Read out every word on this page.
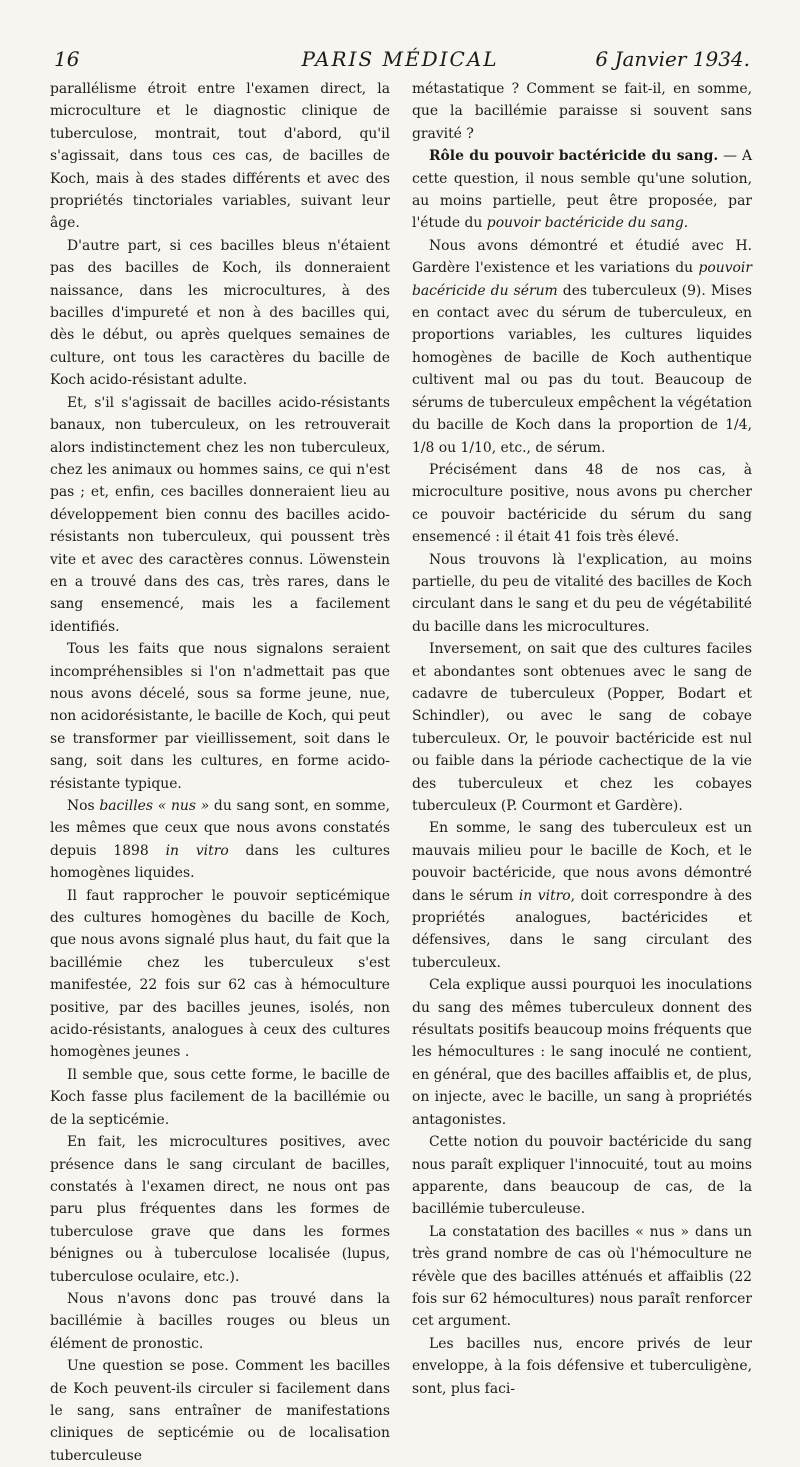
PARIS MÉDICAL
16	6 Janvier 1934.

parallélisme étroit entre l'examen direct, la microculture et le diagnostic clinique de tuberculose, montrait, tout d'abord, qu'il s'agissait, dans tous ces cas, de bacilles de Koch, mais à des stades différents et avec des propriétés tinctoriales variables, suivant leur âge.

D'autre part, si ces bacilles bleus n'étaient pas des bacilles de Koch, ils donneraient naissance, dans les microcultures, à des bacilles d'impureté et non à des bacilles qui, dès le début, ou après quelques semaines de culture, ont tous les caractères du bacille de Koch acido-résistant adulte.

Et, s'il s'agissait de bacilles acido-résistants banaux, non tuberculeux, on les retrouverait alors indistinctement chez les non tuberculeux, chez les animaux ou hommes sains, ce qui n'est pas ; et, enfin, ces bacilles donneraient lieu au développement bien connu des bacilles acido-résistants non tuberculeux, qui poussent très vite et avec des caractères connus. Löwenstein en a trouvé dans des cas, très rares, dans le sang ensemencé, mais les a facilement identifiés.

Tous les faits que nous signalons seraient incompréhensibles si l'on n'admettait pas que nous avons décelé, sous sa forme jeune, nue, non acidorésistante, le bacille de Koch, qui peut se transformer par vieillissement, soit dans le sang, soit dans les cultures, en forme acido-résistante typique.

Nos bacilles « nus » du sang sont, en somme, les mêmes que ceux que nous avons constatés depuis 1898 in vitro dans les cultures homogènes liquides.

Il faut rapprocher le pouvoir septicémique des cultures homogènes du bacille de Koch, que nous avons signalé plus haut, du fait que la bacillémie chez les tuberculeux s'est manifestée, 22 fois sur 62 cas à hémoculture positive, par des bacilles jeunes, isolés, non acido-résistants, analogues à ceux des cultures homogènes jeunes .

Il semble que, sous cette forme, le bacille de Koch fasse plus facilement de la bacillémie ou de la septicémie.

En fait, les microcultures positives, avec présence dans le sang circulant de bacilles, constatés à l'examen direct, ne nous ont pas paru plus fréquentes dans les formes de tuberculose grave que dans les formes bénignes ou à tuberculose localisée (lupus, tuberculose oculaire, etc.).

Nous n'avons donc pas trouvé dans la bacillémie à bacilles rouges ou bleus un élément de pronostic.

Une question se pose. Comment les bacilles de Koch peuvent-ils circuler si facilement dans le sang, sans entraîner de manifestations cliniques de septicémie ou de localisation tuberculeuse

métastatique ? Comment se fait-il, en somme, que la bacillémie paraisse si souvent sans gravité ?

Rôle du pouvoir bactéricide du sang. — A cette question, il nous semble qu'une solution, au moins partielle, peut être proposée, par l'étude du pouvoir bactéricide du sang.

Nous avons démontré et étudié avec H. Gardère l'existence et les variations du pouvoir bacéricide du sérum des tuberculeux (9). Mises en contact avec du sérum de tuberculeux, en proportions variables, les cultures liquides homogènes de bacille de Koch authentique cultivent mal ou pas du tout. Beaucoup de sérums de tuberculeux empêchent la végétation du bacille de Koch dans la proportion de 1/4, 1/8 ou 1/10, etc., de sérum.

Précisément dans 48 de nos cas, à microculture positive, nous avons pu chercher ce pouvoir bactéricide du sérum du sang ensemencé : il était 41 fois très élevé.

Nous trouvons là l'explication, au moins partielle, du peu de vitalité des bacilles de Koch circulant dans le sang et du peu de végétabilité du bacille dans les microcultures.

Inversement, on sait que des cultures faciles et abondantes sont obtenues avec le sang de cadavre de tuberculeux (Popper, Bodart et Schindler), ou avec le sang de cobaye tuberculeux. Or, le pouvoir bactéricide est nul ou faible dans la période cachectique de la vie des tuberculeux et chez les cobayes tuberculeux (P. Courmont et Gardère).

En somme, le sang des tuberculeux est un mauvais milieu pour le bacille de Koch, et le pouvoir bactéricide, que nous avons démontré dans le sérum in vitro, doit correspondre à des propriétés analogues, bactéricides et défensives, dans le sang circulant des tuberculeux.

Cela explique aussi pourquoi les inoculations du sang des mêmes tuberculeux donnent des résultats positifs beaucoup moins fréquents que les hémocultures : le sang inoculé ne contient, en général, que des bacilles affaiblis et, de plus, on injecte, avec le bacille, un sang à propriétés antagonistes.

Cette notion du pouvoir bactéricide du sang nous paraît expliquer l'innocuité, tout au moins apparente, dans beaucoup de cas, de la bacillémie tuberculeuse.

La constatation des bacilles « nus » dans un très grand nombre de cas où l'hémoculture ne révèle que des bacilles atténués et affaiblis (22 fois sur 62 hémocultures) nous paraît renforcer cet argument.

Les bacilles nus, encore privés de leur enveloppe, à la fois défensive et tuberculigène, sont, plus faci-
